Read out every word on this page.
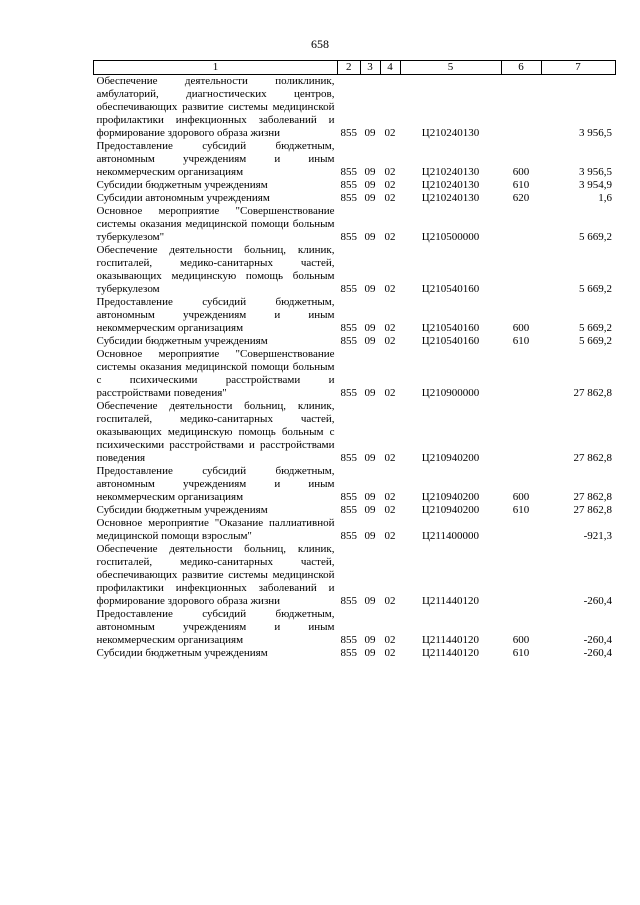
658
1	2	3	4	5	6	7
Обеспечение деятельности поликлиник, амбулаторий, диагностических центров, обеспечивающих развитие системы медицинской профилактики инфекционных заболеваний и формирование здорового образа жизни	855	09	02	Ц210240130		3 956,5
Предоставление субсидий бюджетным, автономным учреждениям и иным некоммерческим организациям	855	09	02	Ц210240130	600	3 956,5
Субсидии бюджетным учреждениям	855	09	02	Ц210240130	610	3 954,9
Субсидии автономным учреждениям	855	09	02	Ц210240130	620	1,6
Основное мероприятие "Совершенствование системы оказания медицинской помощи больным туберкулезом"	855	09	02	Ц210500000		5 669,2
Обеспечение деятельности больниц, клиник, госпиталей, медико-санитарных частей, оказывающих медицинскую помощь больным туберкулезом	855	09	02	Ц210540160		5 669,2
Предоставление субсидий бюджетным, автономным учреждениям и иным некоммерческим организациям	855	09	02	Ц210540160	600	5 669,2
Субсидии бюджетным учреждениям	855	09	02	Ц210540160	610	5 669,2
Основное мероприятие "Совершенствование системы оказания медицинской помощи больным с психическими расстройствами и расстройствами поведения"	855	09	02	Ц210900000		27 862,8
Обеспечение деятельности больниц, клиник, госпиталей, медико-санитарных частей, оказывающих медицинскую помощь больным с психическими расстройствами и расстройствами поведения	855	09	02	Ц210940200		27 862,8
Предоставление субсидий бюджетным, автономным учреждениям и иным некоммерческим организациям	855	09	02	Ц210940200	600	27 862,8
Субсидии бюджетным учреждениям	855	09	02	Ц210940200	610	27 862,8
Основное мероприятие "Оказание паллиативной медицинской помощи взрослым"	855	09	02	Ц211400000		-921,3
Обеспечение деятельности больниц, клиник, госпиталей, медико-санитарных частей, обеспечивающих развитие системы медицинской профилактики инфекционных заболеваний и формирование здорового образа жизни	855	09	02	Ц211440120		-260,4
Предоставление субсидий бюджетным, автономным учреждениям и иным некоммерческим организациям	855	09	02	Ц211440120	600	-260,4
Субсидии бюджетным учреждениям	855	09	02	Ц211440120	610	-260,4
